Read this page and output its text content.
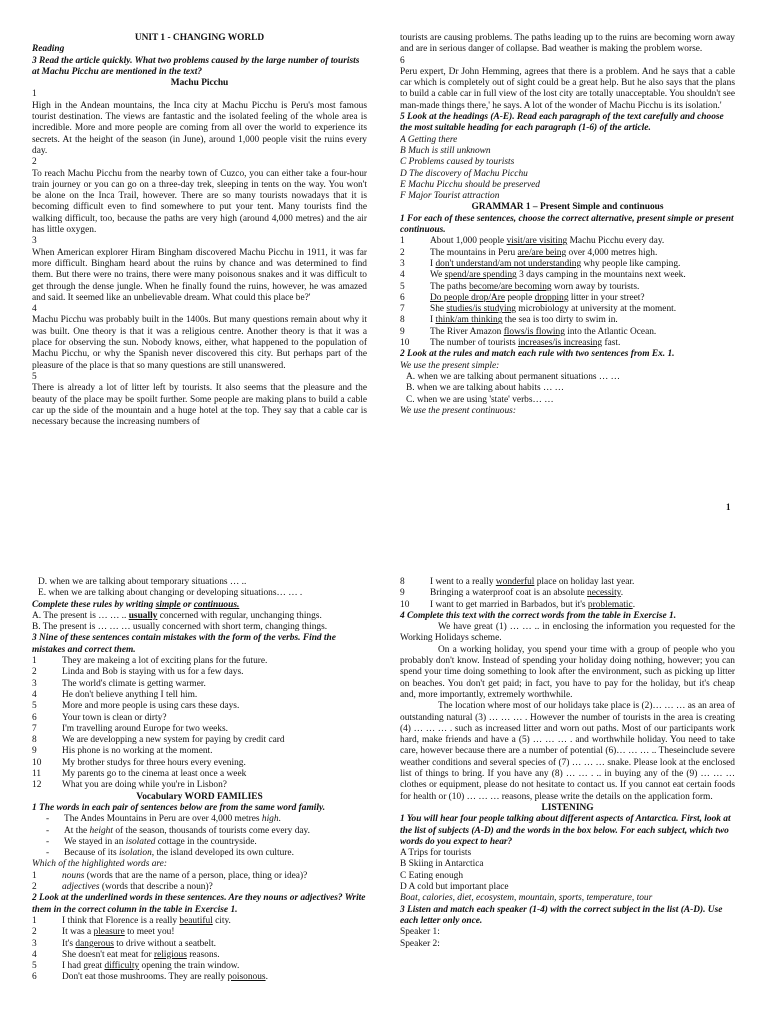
UNIT 1 - CHANGING WORLD
Reading
3 Read the article quickly. What two problems caused by the large number of tourists at Machu Picchu are mentioned in the text?
Machu Picchu
1
High in the Andean mountains, the Inca city at Machu Picchu is Peru's most famous tourist destination. The views are fantastic and the isolated feeling of the whole area is incredible. More and more people are coming from all over the world to experience its secrets. At the height of the season (in June), around 1,000 people visit the ruins every day.
2
To reach Machu Picchu from the nearby town of Cuzco, you can either take a four-hour train journey or you can go on a three-day trek, sleeping in tents on the way. You won't be alone on the Inca Trail, however. There are so many tourists nowadays that it is becoming difficult even to find somewhere to put your tent. Many tourists find the walking difficult, too, because the paths are very high (around 4,000 metres) and the air has little oxygen.
3
When American explorer Hiram Bingham discovered Machu Picchu in 1911, it was far more difficult. Bingham heard about the ruins by chance and was determined to find them. But there were no trains, there were many poisonous snakes and it was difficult to get through the dense jungle. When he finally found the ruins, however, he was amazed and said. It seemed like an unbelievable dream. What could this place be?'
4
Machu Picchu was probably built in the 1400s. But many questions remain about why it was built. One theory is that it was a religious centre. Another theory is that it was a place for observing the sun. Nobody knows, either, what happened to the population of Machu Picchu, or why the Spanish never discovered this city. But perhaps part of the pleasure of the place is that so many questions are still unanswered.
5
There is already a lot of litter left by tourists. It also seems that the pleasure and the beauty of the place may be spoilt further. Some people are making plans to build a cable car up the side of the mountain and a huge hotel at the top. They say that a cable car is necessary because the increasing numbers of
tourists are causing problems. The paths leading up to the ruins are becoming worn away and are in serious danger of collapse. Bad weather is making the problem worse.
6
Peru expert, Dr John Hemming, agrees that there is a problem. And he says that a cable car which is completely out of sight could be a great help. But he also says that the plans to build a cable car in full view of the lost city are totally unacceptable. You shouldn't see man-made things there,' he says. A lot of the wonder of Machu Picchu is its isolation.'
5 Look at the headings (A-E). Read each paragraph of the text carefully and choose the most suitable heading for each paragraph (1-6) of the article.
A Getting there
B Much is still unknown
C Problems caused by tourists
D The discovery of Machu Picchu
E Machu Picchu should be preserved
F Major Tourist attraction
GRAMMAR 1 – Present Simple and continuous
1 For each of these sentences, choose the correct alternative, present simple or present continuous.
1	About 1,000 people visit/are visiting Machu Picchu every day.
2	The mountains in Peru are/are being over 4,000 metres high.
3	I don't understand/am not understanding why people like camping.
4	We spend/are spending 3 days camping in the mountains next week.
5	The paths become/are becoming worn away by tourists.
6	Do people drop/Are people dropping litter in your street?
7	She studies/is studying microbiology at university at the moment.
8	I think/am thinking the sea is too dirty to swim in.
9	The River Amazon flows/is flowing into the Atlantic Ocean.
10	The number of tourists increases/is increasing fast.
2 Look at the rules and match each rule with two sentences from Ex. 1.
We use the present simple:
A. when we are talking about permanent situations … …
B. when we are talking about habits … …
C. when we are using 'state' verbs… …
We use the present continuous:
1
D. when we are talking about temporary situations … ..
E. when we are talking about changing or developing situations… … .
Complete these rules by writing simple or continuous.
A. The present is … … .. usually concerned with regular, unchanging things.
B. The present is … … … usually concerned with short term, changing things.
3 Nine of these sentences contain mistakes with the form of the verbs. Find the mistakes and correct them.
1	They are makeing a lot of exciting plans for the future.
2	Linda and Bob is staying with us for a few days.
3	The world's climate is getting warmer.
4	He don't believe anything I tell him.
5	More and more people is using cars these days.
6	Your town is clean or dirty?
7	I'm travelling around Europe for two weeks.
8	We are developping a new system for paying by credit card
9	His phone is no working at the moment.
10	My brother studys for three hours every evening.
11	My parents go to the cinema at least once a week
12	What you are doing while you're in Lisbon?
Vocabulary WORD FAMILIES
1 The words in each pair of sentences below are from the same word family.
-	The Andes Mountains in Peru are over 4,000 metres high.
-	At the height of the season, thousands of tourists come every day.
-	We stayed in an isolated cottage in the countryside.
-	Because of its isolation, the island developed its own culture.
Which of the highlighted words are:
1	nouns (words that are the name of a person, place, thing or idea)?
2	adjectives (words that describe a noun)?
2 Look at the underlined words in these sentences. Are they nouns or adjectives? Write them in the correct column in the table in Exercise 1.
1	I think that Florence is a really beautiful city.
2	It was a pleasure to meet you!
3	It's dangerous to drive without a seatbelt.
4	She doesn't eat meat for religious reasons.
5	I had great difficulty opening the train window.
6	Don't eat those mushrooms. They are really poisonous.
8	I went to a really wonderful place on holiday last year.
9	Bringing a waterproof coat is an absolute necessity.
10	I want to get married in Barbados, but it's problematic.
4 Complete this text with the correct words from the table in Exercise 1.
We have great (1) … … .. in enclosing the information you requested for the Working Holidays scheme.
On a working holiday, you spend your time with a group of people who you probably don't know. Instead of spending your holiday doing nothing, however; you can spend your time doing something to look after the environment, such as picking up litter on beaches. You don't get paid; in fact, you have to pay for the holiday, but it's cheap and, more importantly, extremely worthwhile.
The location where most of our holidays take place is (2)… … … as an area of outstanding natural (3) … … … . However the number of tourists in the area is creating (4) … … … . such as increased litter and worn out paths. Most of our participants work hard, make friends and have a (5) … … … . and worthwhile holiday. You need to take care, however because there are a number of potential (6)… … … .. Theseinclude severe weather conditions and several species of (7) … … … snake. Please look at the enclosed list of things to bring. If you have any (8) … … . .. in buying any of the (9) … … … clothes or equipment, please do not hesitate to contact us. If you cannot eat certain foods for health or (10) … … … reasons, please write the details on the application form.
LISTENING
1 You will hear four people talking about different aspects of Antarctica. First, look at the list of subjects (A-D) and the words in the box below. For each subject, which two words do you expect to hear?
A Trips for tourists
B Skiing in Antarctica
C Eating enough
D A cold but important place
Boat, calories, diet, ecosystem, mountain, sports, temperature, tour
3 Listen and match each speaker (1-4) with the correct subject in the list (A-D). Use each letter only once.
Speaker 1:
Speaker 2:
